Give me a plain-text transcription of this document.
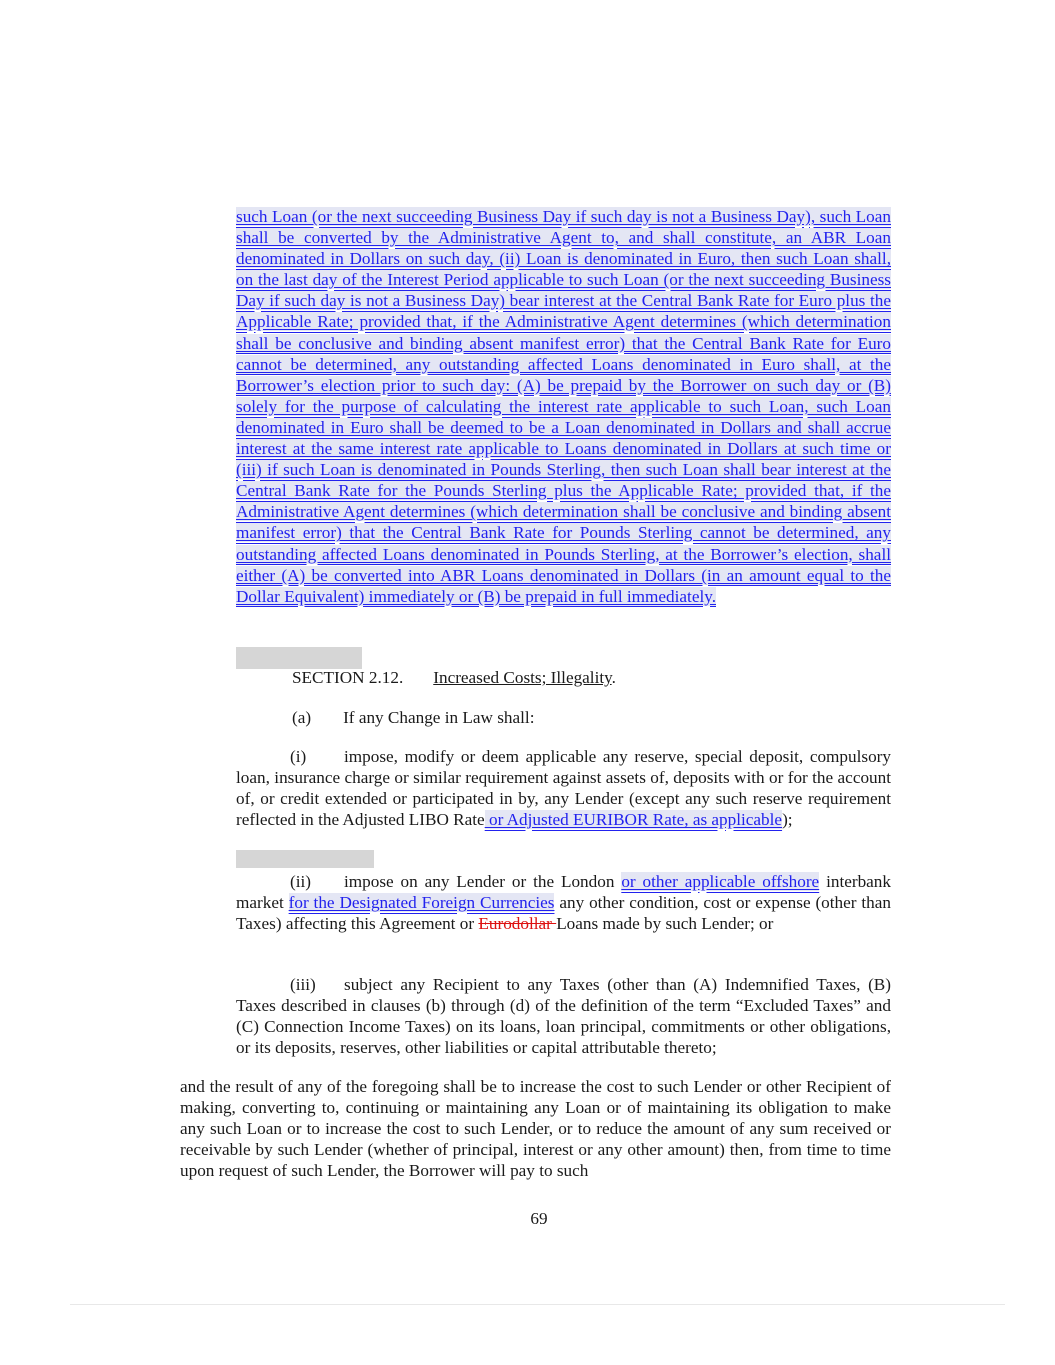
such Loan (or the next succeeding Business Day if such day is not a Business Day), such Loan shall be converted by the Administrative Agent to, and shall constitute, an ABR Loan denominated in Dollars on such day, (ii) Loan is denominated in Euro, then such Loan shall, on the last day of the Interest Period applicable to such Loan (or the next succeeding Business Day if such day is not a Business Day) bear interest at the Central Bank Rate for Euro plus the Applicable Rate; provided that, if the Administrative Agent determines (which determination shall be conclusive and binding absent manifest error) that the Central Bank Rate for Euro cannot be determined, any outstanding affected Loans denominated in Euro shall, at the Borrower’s election prior to such day: (A) be prepaid by the Borrower on such day or (B) solely for the purpose of calculating the interest rate applicable to such Loan, such Loan denominated in Euro shall be deemed to be a Loan denominated in Dollars and shall accrue interest at the same interest rate applicable to Loans denominated in Dollars at such time or (iii) if such Loan is denominated in Pounds Sterling, then such Loan shall bear interest at the Central Bank Rate for the Pounds Sterling plus the Applicable Rate; provided that, if the Administrative Agent determines (which determination shall be conclusive and binding absent manifest error) that the Central Bank Rate for Pounds Sterling cannot be determined, any outstanding affected Loans denominated in Pounds Sterling, at the Borrower’s election, shall either (A) be converted into ABR Loans denominated in Dollars (in an amount equal to the Dollar Equivalent) immediately or (B) be prepaid in full immediately.
SECTION 2.12. Increased Costs; Illegality.
(a) If any Change in Law shall:
(i) impose, modify or deem applicable any reserve, special deposit, compulsory loan, insurance charge or similar requirement against assets of, deposits with or for the account of, or credit extended or participated in by, any Lender (except any such reserve requirement reflected in the Adjusted LIBO Rate or Adjusted EURIBOR Rate, as applicable);
(ii) impose on any Lender or the London or other applicable offshore interbank market for the Designated Foreign Currencies any other condition, cost or expense (other than Taxes) affecting this Agreement or Eurodollar Loans made by such Lender; or
(iii) subject any Recipient to any Taxes (other than (A) Indemnified Taxes, (B) Taxes described in clauses (b) through (d) of the definition of the term “Excluded Taxes” and (C) Connection Income Taxes) on its loans, loan principal, commitments or other obligations, or its deposits, reserves, other liabilities or capital attributable thereto;
and the result of any of the foregoing shall be to increase the cost to such Lender or other Recipient of making, converting to, continuing or maintaining any Loan or of maintaining its obligation to make any such Loan or to increase the cost to such Lender, or to reduce the amount of any sum received or receivable by such Lender (whether of principal, interest or any other amount) then, from time to time upon request of such Lender, the Borrower will pay to such
69
